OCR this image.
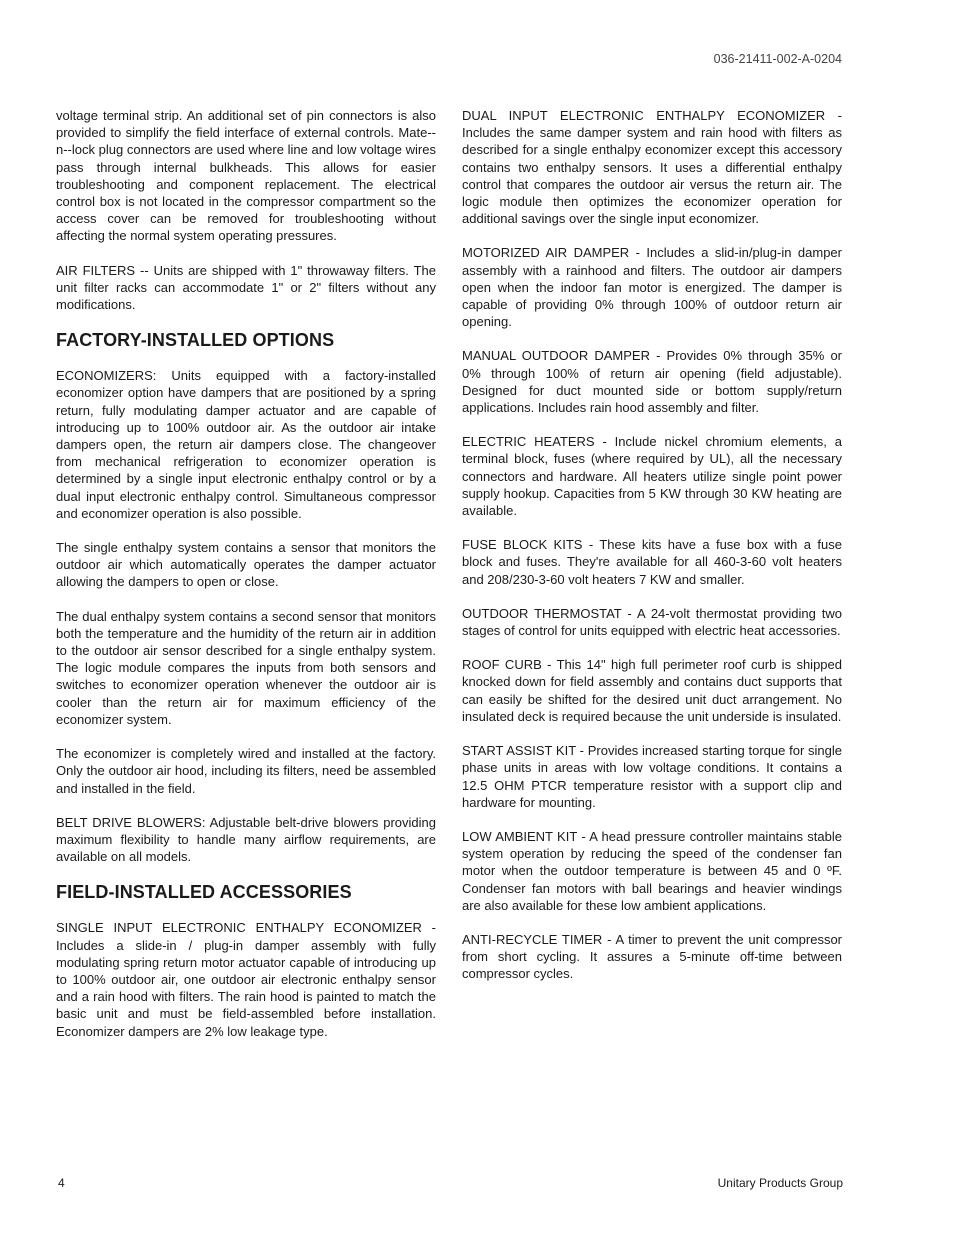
036-21411-002-A-0204

voltage terminal strip. An additional set of pin connectors is also provided to simplify the field interface of external controls. Mate--n--lock plug connectors are used where line and low voltage wires pass through internal bulkheads. This allows for easier troubleshooting and component replacement. The electrical control box is not located in the compressor compartment so the access cover can be removed for troubleshooting without affecting the normal system operating pressures.

AIR FILTERS -- Units are shipped with 1" throwaway filters. The unit filter racks can accommodate 1" or 2" filters without any modifications.

FACTORY-INSTALLED OPTIONS

ECONOMIZERS: Units equipped with a factory-installed economizer option have dampers that are positioned by a spring return, fully modulating damper actuator and are capable of introducing up to 100% outdoor air. As the outdoor air intake dampers open, the return air dampers close. The changeover from mechanical refrigeration to economizer operation is determined by a single input electronic enthalpy control or by a dual input electronic enthalpy control. Simultaneous compressor and economizer operation is also possible.

The single enthalpy system contains a sensor that monitors the outdoor air which automatically operates the damper actuator allowing the dampers to open or close.

The dual enthalpy system contains a second sensor that monitors both the temperature and the humidity of the return air in addition to the outdoor air sensor described for a single enthalpy system. The logic module compares the inputs from both sensors and switches to economizer operation whenever the outdoor air is cooler than the return air for maximum efficiency of the economizer system.

The economizer is completely wired and installed at the factory. Only the outdoor air hood, including its filters, need be assembled and installed in the field.

BELT DRIVE BLOWERS: Adjustable belt-drive blowers providing maximum flexibility to handle many airflow requirements, are available on all models.

FIELD-INSTALLED ACCESSORIES

SINGLE INPUT ELECTRONIC ENTHALPY ECONOMIZER - Includes a slide-in / plug-in damper assembly with fully modulating spring return motor actuator capable of introducing up to 100% outdoor air, one outdoor air electronic enthalpy sensor and a rain hood with filters. The rain hood is painted to match the basic unit and must be field-assembled before installation. Economizer dampers are 2% low leakage type.

DUAL INPUT ELECTRONIC ENTHALPY ECONOMIZER - Includes the same damper system and rain hood with filters as described for a single enthalpy economizer except this accessory contains two enthalpy sensors. It uses a differential enthalpy control that compares the outdoor air versus the return air. The logic module then optimizes the economizer operation for additional savings over the single input economizer.

MOTORIZED AIR DAMPER - Includes a slid-in/plug-in damper assembly with a rainhood and filters. The outdoor air dampers open when the indoor fan motor is energized. The damper is capable of providing 0% through 100% of outdoor return air opening.

MANUAL OUTDOOR DAMPER - Provides 0% through 35% or 0% through 100% of return air opening (field adjustable). Designed for duct mounted side or bottom supply/return applications. Includes rain hood assembly and filter.

ELECTRIC HEATERS - Include nickel chromium elements, a terminal block, fuses (where required by UL), all the necessary connectors and hardware. All heaters utilize single point power supply hookup. Capacities from 5 KW through 30 KW heating are available.

FUSE BLOCK KITS - These kits have a fuse box with a fuse block and fuses. They're available for all 460-3-60 volt heaters and 208/230-3-60 volt heaters 7 KW and smaller.

OUTDOOR THERMOSTAT - A 24-volt thermostat providing two stages of control for units equipped with electric heat accessories.

ROOF CURB - This 14" high full perimeter roof curb is shipped knocked down for field assembly and contains duct supports that can easily be shifted for the desired unit duct arrangement. No insulated deck is required because the unit underside is insulated.

START ASSIST KIT - Provides increased starting torque for single phase units in areas with low voltage conditions. It contains a 12.5 OHM PTCR temperature resistor with a support clip and hardware for mounting.

LOW AMBIENT KIT - A head pressure controller maintains stable system operation by reducing the speed of the condenser fan motor when the outdoor temperature is between 45 and 0 ºF. Condenser fan motors with ball bearings and heavier windings are also available for these low ambient applications.

ANTI-RECYCLE TIMER - A timer to prevent the unit compressor from short cycling. It assures a 5-minute off-time between compressor cycles.

4	Unitary Products Group
